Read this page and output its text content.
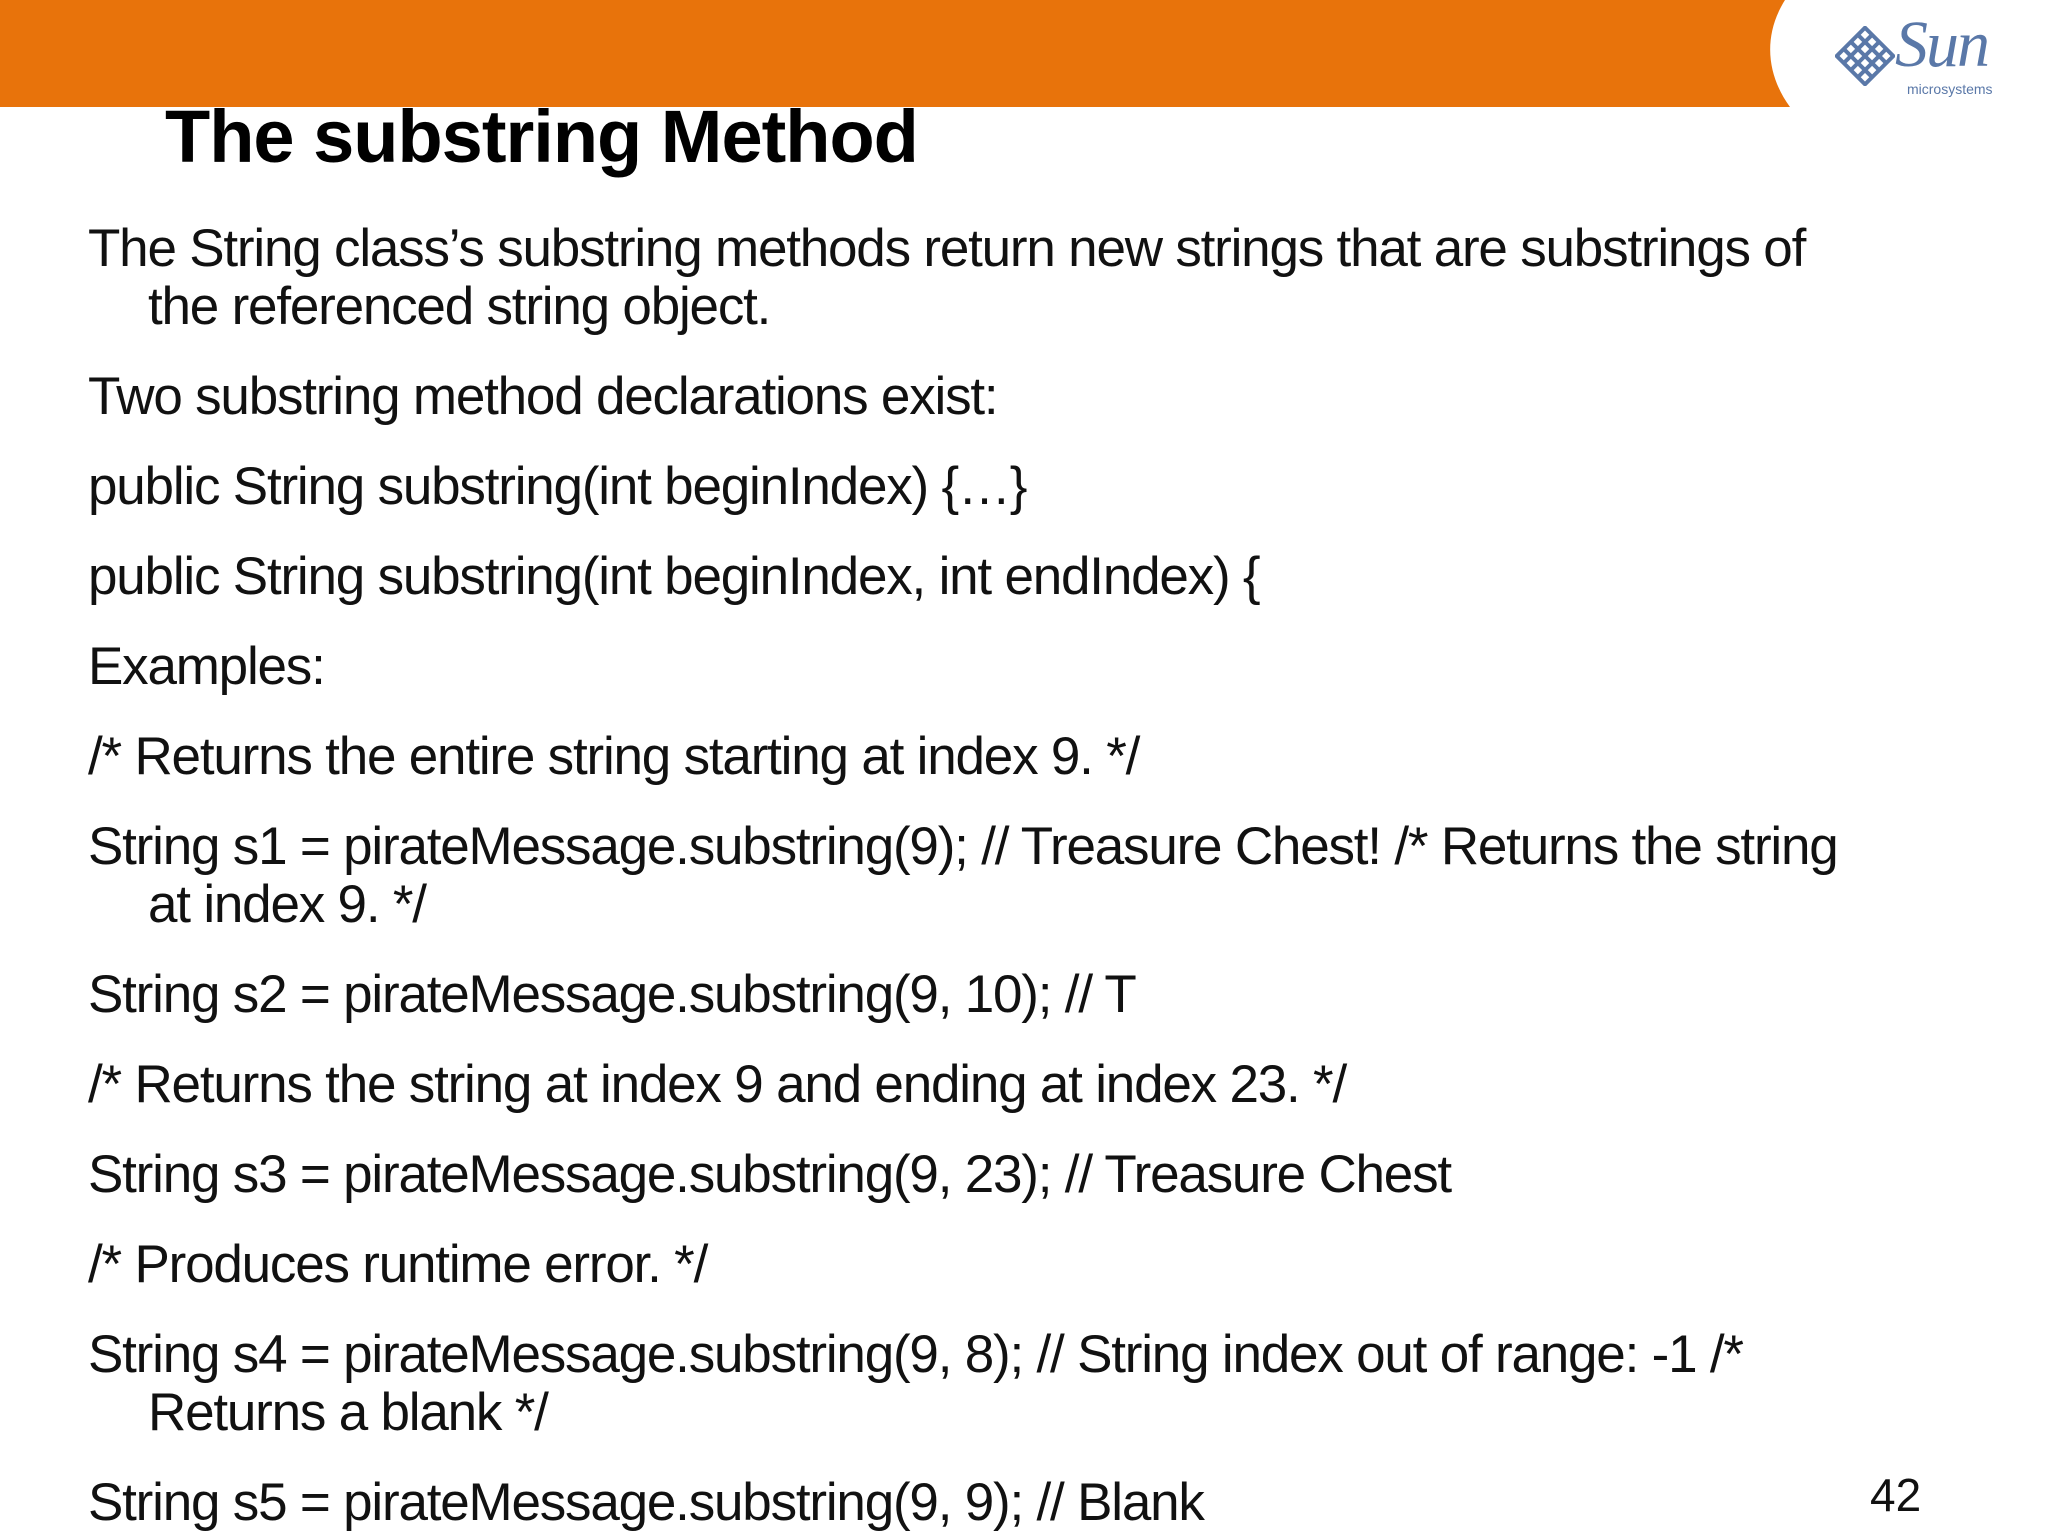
Sun
microsystems
The substring Method

The String class’s substring methods return new strings that are substrings of the referenced string object.

Two substring method declarations exist:

public String substring(int beginIndex) {…}

public String substring(int beginIndex, int endIndex) {

Examples:

/* Returns the entire string starting at index 9. */

String s1 = pirateMessage.substring(9); // Treasure Chest! /* Returns the string at index 9. */

String s2 = pirateMessage.substring(9, 10); // T

/* Returns the string at index 9 and ending at index 23. */

String s3 = pirateMessage.substring(9, 23); // Treasure Chest

/* Produces runtime error. */

String s4 = pirateMessage.substring(9, 8); // String index out of range: -1 /* Returns a blank */

String s5 = pirateMessage.substring(9, 9); // Blank	42
